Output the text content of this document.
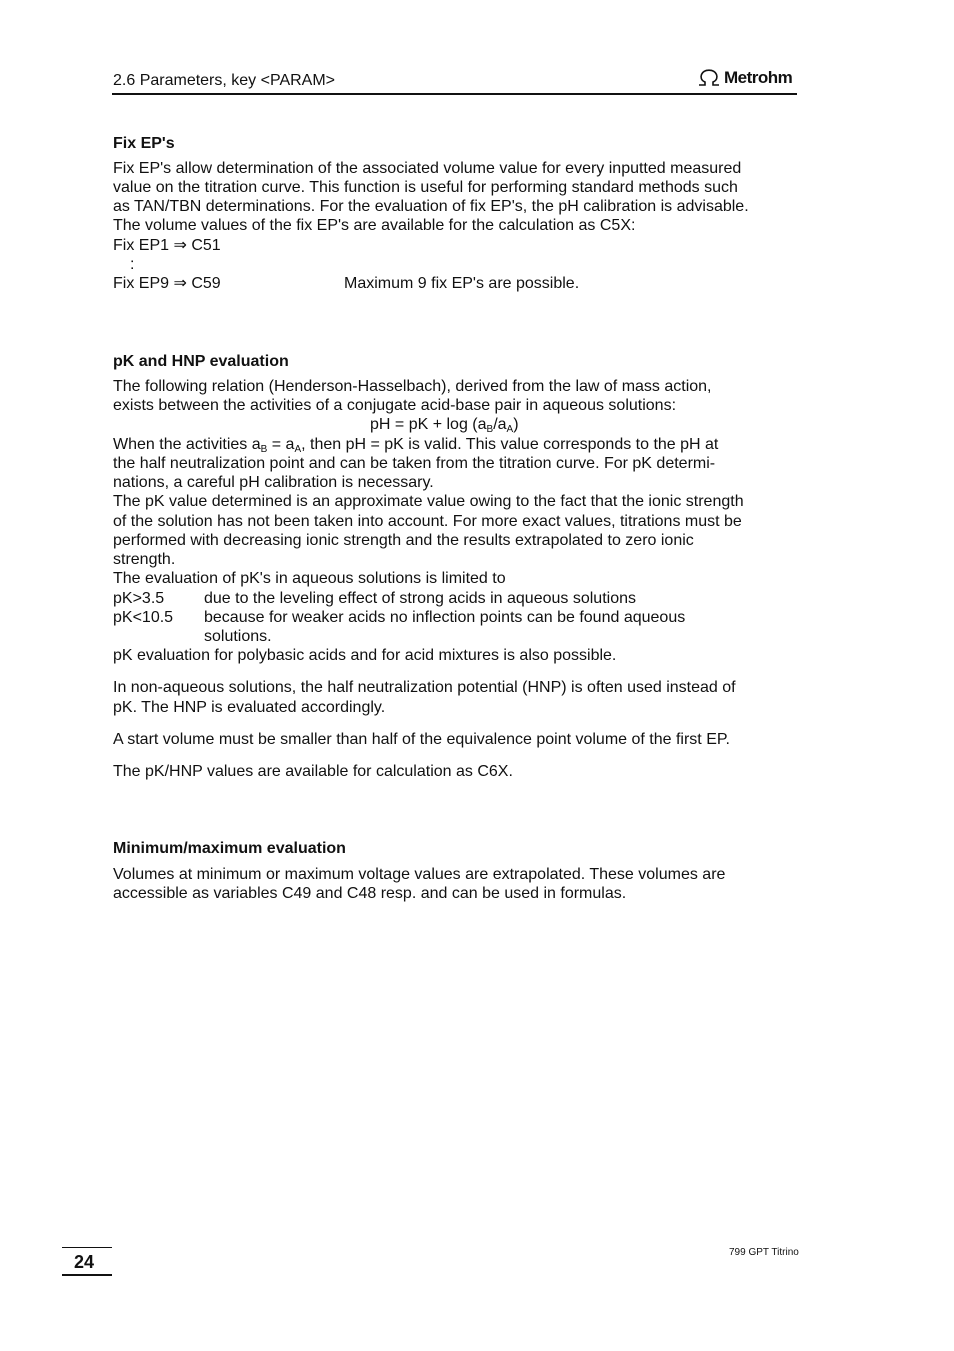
2.6 Parameters, key <PARAM>	Metrohm
Fix EP's
Fix EP's allow determination of the associated volume value for every inputted measured
value on the titration curve. This function is useful for performing standard methods such
as TAN/TBN determinations. For the evaluation of fix EP's, the pH calibration is advisable.
The volume values of the fix EP's are available for the calculation as C5X:
Fix EP1 ⇒ C51
:
Fix EP9 ⇒ C59	Maximum 9 fix EP's are possible.
pK and HNP evaluation
The following relation (Henderson-Hasselbach), derived from the law of mass action,
exists between the activities of a conjugate acid-base pair in aqueous solutions:
pH = pK + $\log (a_B/a_A)$
When the activities $a_B = a_A$, then pH = pK is valid. This value corresponds to the pH at
the half neutralization point and can be taken from the titration curve. For pK determi-
nations, a careful pH calibration is necessary.
The pK value determined is an approximate value owing to the fact that the ionic strength
of the solution has not been taken into account. For more exact values, titrations must be
performed with decreasing ionic strength and the results extrapolated to zero ionic
strength.
The evaluation of pK's in aqueous solutions is limited to
pK>3.5 due to the leveling effect of strong acids in aqueous solutions
pK<10.5 because for weaker acids no inflection points can be found aqueous
solutions.
pK evaluation for polybasic acids and for acid mixtures is also possible.
In non-aqueous solutions, the half neutralization potential (HNP) is often used instead of
pK. The HNP is evaluated accordingly.
A start volume must be smaller than half of the equivalence point volume of the first EP.
The pK/HNP values are available for calculation as C6X.
Minimum/maximum evaluation
Volumes at minimum or maximum voltage values are extrapolated. These volumes are
accessible as variables C49 and C48 resp. and can be used in formulas.
24	799 GPT Titrino
